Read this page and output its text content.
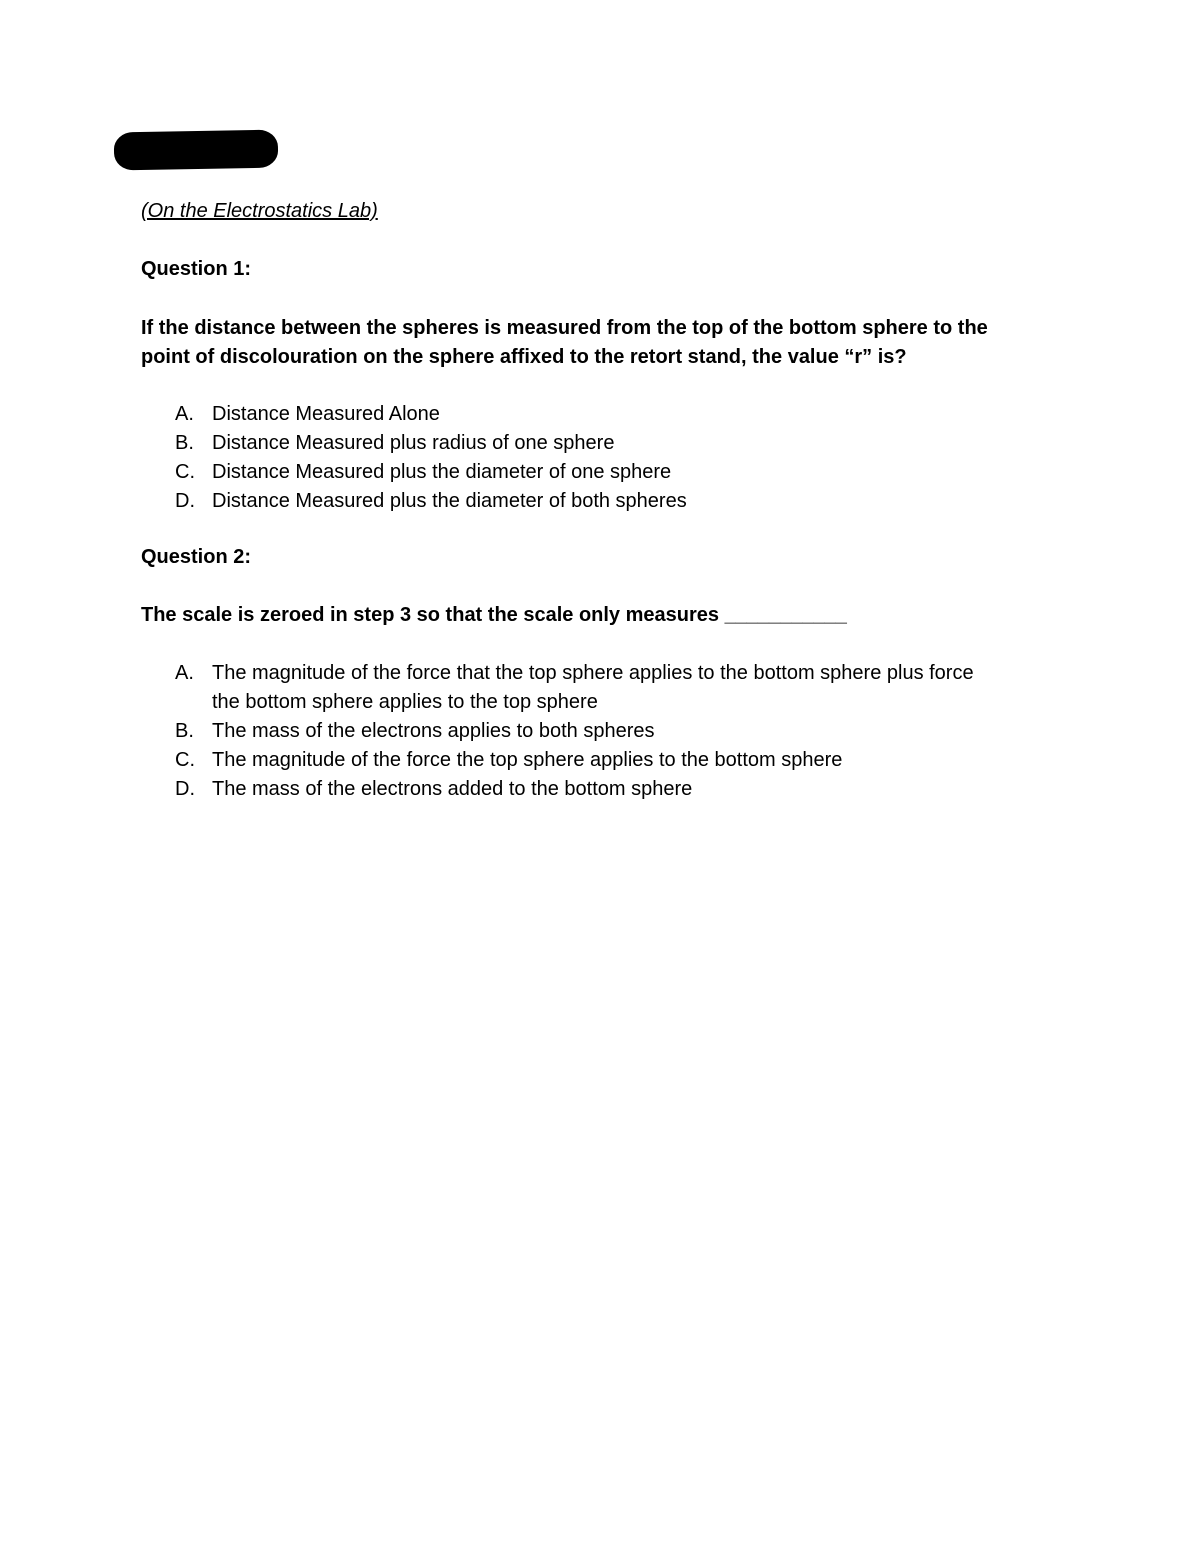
(On the Electrostatics Lab)
Question 1:
If the distance between the spheres is measured from the top of the bottom sphere to the
point of discolouration on the sphere affixed to the retort stand, the value “r” is?
A. Distance Measured Alone
B. Distance Measured plus radius of one sphere
C. Distance Measured plus the diameter of one sphere
D. Distance Measured plus the diameter of both spheres
Question 2:
The scale is zeroed in step 3 so that the scale only measures ___________
A. The magnitude of the force that the top sphere applies to the bottom sphere plus force
the bottom sphere applies to the top sphere
B. The mass of the electrons applies to both spheres
C. The magnitude of the force the top sphere applies to the bottom sphere
D. The mass of the electrons added to the bottom sphere
